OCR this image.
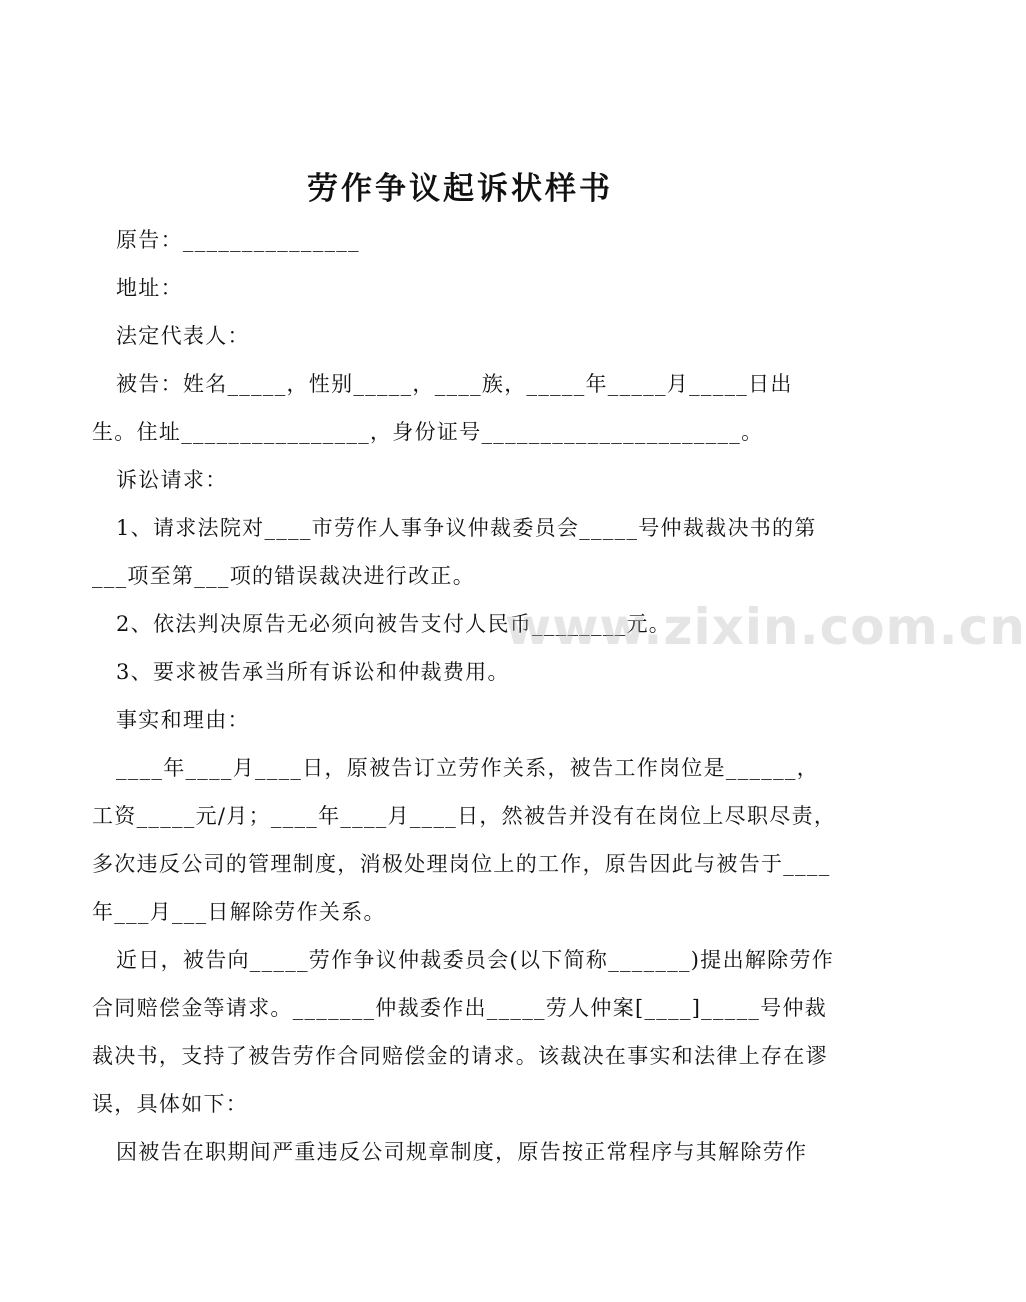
劳作争议起诉状样书

原告：_______________

地址：

法定代表人：

被告：姓名_____，性别_____，____族，_____年_____月_____日出生。住址________________，身份证号______________________。

诉讼请求：

1、请求法院对____市劳作人事争议仲裁委员会_____号仲裁裁决书的第___项至第___项的错误裁决进行改正。

2、依法判决原告无必须向被告支付人民币________元。

3、要求被告承当所有诉讼和仲裁费用。

事实和理由：

____年____月____日，原被告订立劳作关系，被告工作岗位是______，工资_____元/月；____年____月____日，然被告并没有在岗位上尽职尽责，多次违反公司的管理制度，消极处理岗位上的工作，原告因此与被告于____年___月___日解除劳作关系。

近日，被告向_____劳作争议仲裁委员会(以下简称_______)提出解除劳作合同赔偿金等请求。_______仲裁委作出_____劳人仲案[____]_____号仲裁裁决书，支持了被告劳作合同赔偿金的请求。该裁决在事实和法律上存在谬误，具体如下：

因被告在职期间严重违反公司规章制度，原告按正常程序与其解除劳作

www.zixin.com.cn
